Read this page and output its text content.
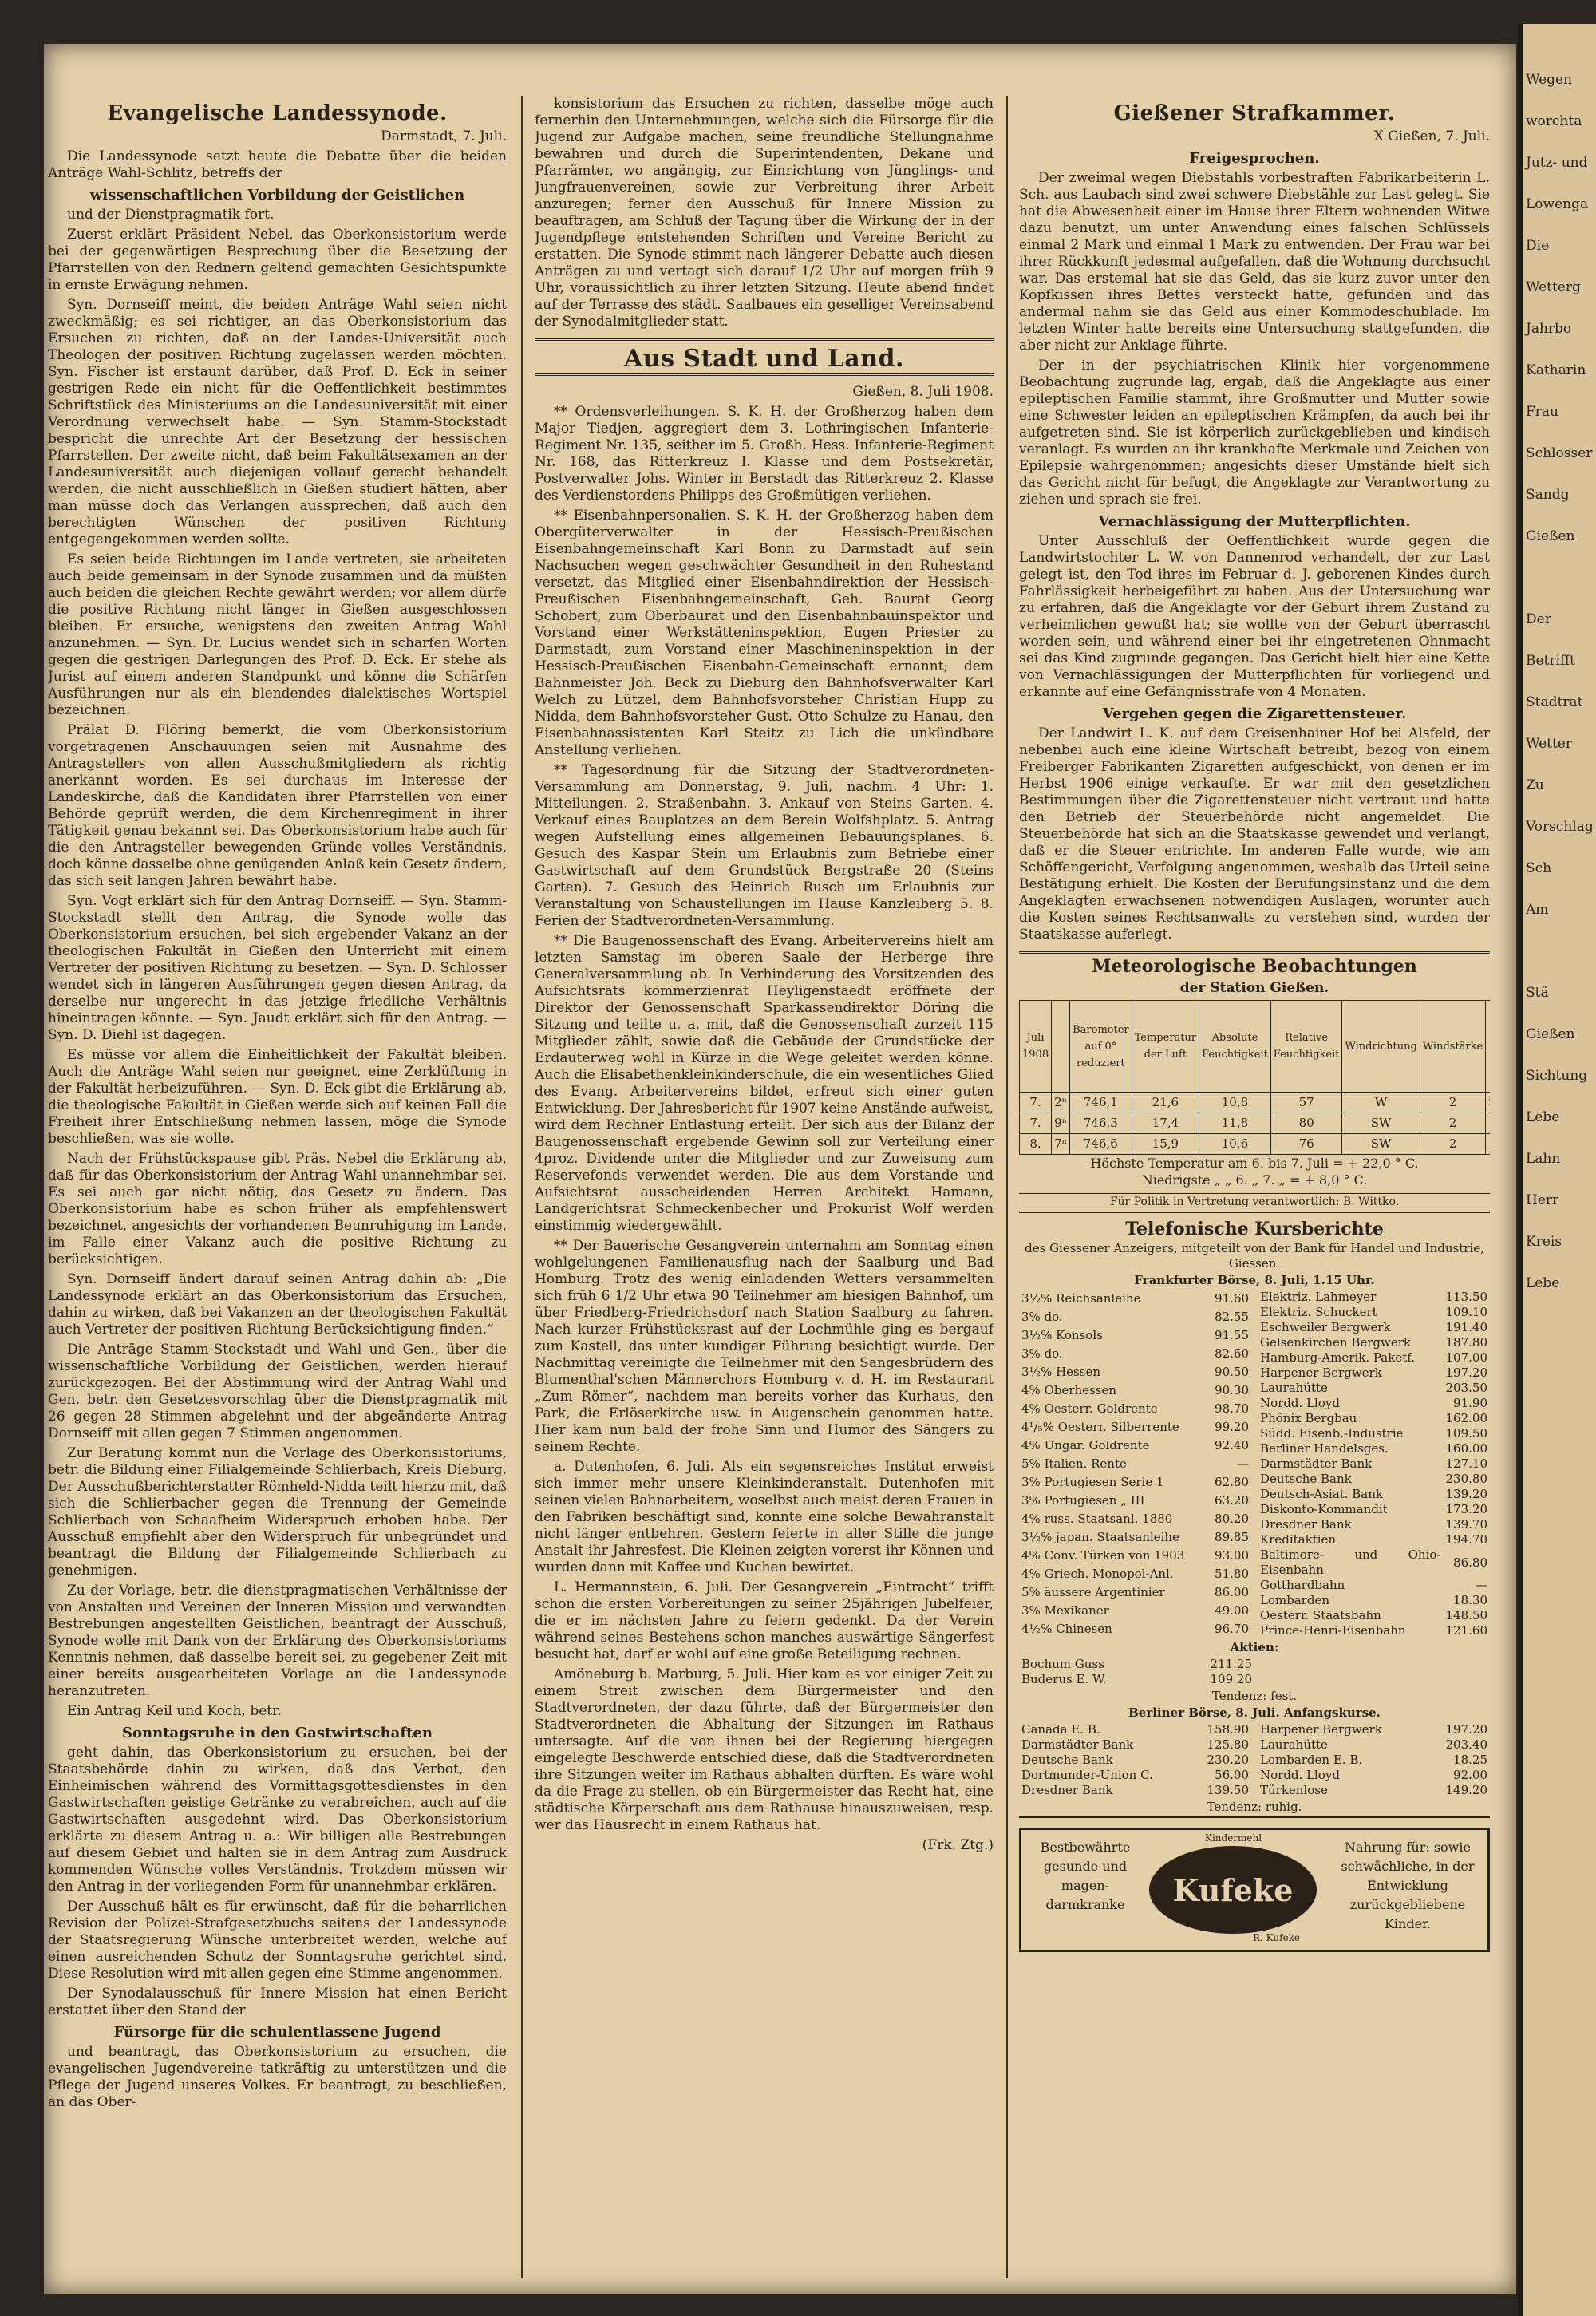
Evangelische Landessynode.
Darmstadt, 7. Juli.

Die Landessynode setzt heute die Debatte über die beiden Anträge Wahl-Schlitz, betreffs der

wissenschaftlichen Vorbildung der Geistlichen

und der Dienstpragmatik fort.

Zuerst erklärt Präsident Nebel, das Oberkonsistorium werde bei der gegenwärtigen Besprechung über die Besetzung der Pfarrstellen von den Rednern geltend gemachten Gesichtspunkte in ernste Erwägung nehmen.

Syn. Dornseiff meint, die beiden Anträge Wahl seien nicht zweckmäßig; es sei richtiger, an das Oberkonsistorium das Ersuchen zu richten, daß an der Landes-Universität auch Theologen der positiven Richtung zugelassen werden möchten. Syn. Fischer ist erstaunt darüber, daß Prof. D. Eck in seiner gestrigen Rede ein nicht für die Oeffentlichkeit bestimmtes Schriftstück des Ministeriums an die Landesuniversität mit einer Verordnung verwechselt habe. — Syn. Stamm-Stockstadt bespricht die unrechte Art der Besetzung der hessischen Pfarrstellen. Der zweite nicht, daß beim Fakultätsexamen an der Landesuniversität auch diejenigen vollauf gerecht behandelt werden, die nicht ausschließlich in Gießen studiert hätten, aber man müsse doch das Verlangen aussprechen, daß auch den berechtigten Wünschen der positiven Richtung entgegengekommen werden sollte.

Es seien beide Richtungen im Lande vertreten, sie arbeiteten auch beide gemeinsam in der Synode zusammen und da müßten auch beiden die gleichen Rechte gewährt werden; vor allem dürfe die positive Richtung nicht länger in Gießen ausgeschlossen bleiben. Er ersuche, wenigstens den zweiten Antrag Wahl anzunehmen. — Syn. Dr. Lucius wendet sich in scharfen Worten gegen die gestrigen Darlegungen des Prof. D. Eck. Er stehe als Jurist auf einem anderen Standpunkt und könne die Schärfen Ausführungen nur als ein blendendes dialektisches Wortspiel bezeichnen.

Prälat D. Flöring bemerkt, die vom Oberkonsistorium vorgetragenen Anschauungen seien mit Ausnahme des Antragstellers von allen Ausschußmitgliedern als richtig anerkannt worden. Es sei durchaus im Interesse der Landeskirche, daß die Kandidaten ihrer Pfarrstellen von einer Behörde geprüft werden, die dem Kirchenregiment in ihrer Tätigkeit genau bekannt sei. Das Oberkonsistorium habe auch für die den Antragsteller bewegenden Gründe volles Verständnis, doch könne dasselbe ohne genügenden Anlaß kein Gesetz ändern, das sich seit langen Jahren bewährt habe.

Syn. Vogt erklärt sich für den Antrag Dornseiff. — Syn. Stamm-Stockstadt stellt den Antrag, die Synode wolle das Oberkonsistorium ersuchen, bei sich ergebender Vakanz an der theologischen Fakultät in Gießen den Unterricht mit einem Vertreter der positiven Richtung zu besetzen. — Syn. D. Schlosser wendet sich in längeren Ausführungen gegen diesen Antrag, da derselbe nur ungerecht in das jetzige friedliche Verhältnis hineintragen könnte. — Syn. Jaudt erklärt sich für den Antrag. — Syn. D. Diehl ist dagegen.

Es müsse vor allem die Einheitlichkeit der Fakultät bleiben. Auch die Anträge Wahl seien nur geeignet, eine Zerklüftung in der Fakultät herbeizuführen. — Syn. D. Eck gibt die Erklärung ab, die theologische Fakultät in Gießen werde sich auf keinen Fall die Freiheit ihrer Entschließung nehmen lassen, möge die Synode beschließen, was sie wolle.

Nach der Frühstückspause gibt Präs. Nebel die Erklärung ab, daß für das Oberkonsistorium der Antrag Wahl unannehmbar sei. Es sei auch gar nicht nötig, das Gesetz zu ändern. Das Oberkonsistorium habe es schon früher als empfehlenswert bezeichnet, angesichts der vorhandenen Beunruhigung im Lande, im Falle einer Vakanz auch die positive Richtung zu berücksichtigen.

Syn. Dornseiff ändert darauf seinen Antrag dahin ab: „Die Landessynode erklärt an das Oberkonsistorium das Ersuchen, dahin zu wirken, daß bei Vakanzen an der theologischen Fakultät auch Vertreter der positiven Richtung Berücksichtigung finden.“

Die Anträge Stamm-Stockstadt und Wahl und Gen., über die wissenschaftliche Vorbildung der Geistlichen, werden hierauf zurückgezogen. Bei der Abstimmung wird der Antrag Wahl und Gen. betr. den Gesetzesvorschlag über die Dienstpragmatik mit 26 gegen 28 Stimmen abgelehnt und der abgeänderte Antrag Dornseiff mit allen gegen 7 Stimmen angenommen.

Zur Beratung kommt nun die Vorlage des Oberkonsistoriums, betr. die Bildung einer Filialgemeinde Schlierbach, Kreis Dieburg. Der Ausschußberichterstatter Römheld-Nidda teilt hierzu mit, daß sich die Schlierbacher gegen die Trennung der Gemeinde Schlierbach von Schaafheim Widerspruch erhoben habe. Der Ausschuß empfiehlt aber den Widerspruch für unbegründet und beantragt die Bildung der Filialgemeinde Schlierbach zu genehmigen.

Zu der Vorlage, betr. die dienstpragmatischen Verhältnisse der von Anstalten und Vereinen der Inneren Mission und verwandten Bestrebungen angestellten Geistlichen, beantragt der Ausschuß, Synode wolle mit Dank von der Erklärung des Oberkonsistoriums Kenntnis nehmen, daß dasselbe bereit sei, zu gegebener Zeit mit einer bereits ausgearbeiteten Vorlage an die Landessynode heranzutreten.

Ein Antrag Keil und Koch, betr.

Sonntagsruhe in den Gastwirtschaften

geht dahin, das Oberkonsistorium zu ersuchen, bei der Staatsbehörde dahin zu wirken, daß das Verbot, den Einheimischen während des Vormittagsgottesdienstes in den Gastwirtschaften geistige Getränke zu verabreichen, auch auf die Gastwirtschaften ausgedehnt wird. Das Oberkonsistorium erklärte zu diesem Antrag u. a.: Wir billigen alle Bestrebungen auf diesem Gebiet und halten sie in dem Antrag zum Ausdruck kommenden Wünsche volles Verständnis. Trotzdem müssen wir den Antrag in der vorliegenden Form für unannehmbar erklären.

Der Ausschuß hält es für erwünscht, daß für die beharrlichen Revision der Polizei-Strafgesetzbuchs seitens der Landessynode der Staatsregierung Wünsche unterbreitet werden, welche auf einen ausreichenden Schutz der Sonntagsruhe gerichtet sind. Diese Resolution wird mit allen gegen eine Stimme angenommen.

Der Synodalausschuß für Innere Mission hat einen Bericht erstattet über den Stand der

Fürsorge für die schulentlassene Jugend

und beantragt, das Oberkonsistorium zu ersuchen, die evangelischen Jugendvereine tatkräftig zu unterstützen und die Pflege der Jugend unseres Volkes. Er beantragt, zu beschließen, an das Ober-

konsistorium das Ersuchen zu richten, dasselbe möge auch fernerhin den Unternehmungen, welche sich die Fürsorge für die Jugend zur Aufgabe machen, seine freundliche Stellungnahme bewahren und durch die Superintendenten, Dekane und Pfarrämter, wo angängig, zur Einrichtung von Jünglings- und Jungfrauenvereinen, sowie zur Verbreitung ihrer Arbeit anzuregen; ferner den Ausschuß für Innere Mission zu beauftragen, am Schluß der Tagung über die Wirkung der in der Jugendpflege entstehenden Schriften und Vereine Bericht zu erstatten. Die Synode stimmt nach längerer Debatte auch diesen Anträgen zu und vertagt sich darauf 1/2 Uhr auf morgen früh 9 Uhr, voraussichtlich zu ihrer letzten Sitzung. Heute abend findet auf der Terrasse des städt. Saalbaues ein geselliger Vereinsabend der Synodalmitglieder statt.

Aus Stadt und Land.
Gießen, 8. Juli 1908.

** Ordensverleihungen. S. K. H. der Großherzog haben dem Major Tiedjen, aggregiert dem 3. Lothringischen Infanterie-Regiment Nr. 135, seither im 5. Großh. Hess. Infanterie-Regiment Nr. 168, das Ritterkreuz I. Klasse und dem Postsekretär, Postverwalter Johs. Winter in Berstadt das Ritterkreuz 2. Klasse des Verdienstordens Philipps des Großmütigen verliehen.

** Eisenbahnpersonalien. S. K. H. der Großherzog haben dem Obergüterverwalter in der Hessisch-Preußischen Eisenbahngemeinschaft Karl Bonn zu Darmstadt auf sein Nachsuchen wegen geschwächter Gesundheit in den Ruhestand versetzt, das Mitglied einer Eisenbahndirektion der Hessisch-Preußischen Eisenbahngemeinschaft, Geh. Baurat Georg Schobert, zum Oberbaurat und den Eisenbahnbauinspektor und Vorstand einer Werkstätteninspektion, Eugen Priester zu Darmstadt, zum Vorstand einer Maschineninspektion in der Hessisch-Preußischen Eisenbahn-Gemeinschaft ernannt; dem Bahnmeister Joh. Beck zu Dieburg den Bahnhofsverwalter Karl Welch zu Lützel, dem Bahnhofsvorsteher Christian Hupp zu Nidda, dem Bahnhofsvorsteher Gust. Otto Schulze zu Hanau, den Eisenbahnassistenten Karl Steitz zu Lich die unkündbare Anstellung verliehen.

** Tagesordnung für die Sitzung der Stadtverordneten-Versammlung am Donnerstag, 9. Juli, nachm. 4 Uhr: 1. Mitteilungen. 2. Straßenbahn. 3. Ankauf von Steins Garten. 4. Verkauf eines Bauplatzes an dem Berein Wolfshplatz. 5. Antrag wegen Aufstellung eines allgemeinen Bebauungsplanes. 6. Gesuch des Kaspar Stein um Erlaubnis zum Betriebe einer Gastwirtschaft auf dem Grundstück Bergstraße 20 (Steins Garten). 7. Gesuch des Heinrich Rusch um Erlaubnis zur Veranstaltung von Schaustellungen im Hause Kanzleiberg 5. 8. Ferien der Stadtverordneten-Versammlung.

** Die Baugenossenschaft des Evang. Arbeitervereins hielt am letzten Samstag im oberen Saale der Herberge ihre Generalversammlung ab. In Verhinderung des Vorsitzenden des Aufsichtsrats kommerzienrat Heyligenstaedt eröffnete der Direktor der Genossenschaft Sparkassendirektor Döring die Sitzung und teilte u. a. mit, daß die Genossenschaft zurzeit 115 Mitglieder zählt, sowie daß die Gebäude der Grundstücke der Erdauterweg wohl in Kürze in die Wege geleitet werden könne. Auch die Elisabethenkleinkinderschule, die ein wesentliches Glied des Evang. Arbeitervereins bildet, erfreut sich einer guten Entwicklung. Der Jahresbericht für 1907 keine Anstände aufweist, wird dem Rechner Entlastung erteilt. Der sich aus der Bilanz der Baugenossenschaft ergebende Gewinn soll zur Verteilung einer 4proz. Dividende unter die Mitglieder und zur Zuweisung zum Reservefonds verwendet werden. Die aus dem Vorstande und Aufsichtsrat ausscheidenden Herren Architekt Hamann, Landgerichtsrat Schmeckenbecher und Prokurist Wolf werden einstimmig wiedergewählt.

** Der Bauerische Gesangverein unternahm am Sonntag einen wohlgelungenen Familienausflug nach der Saalburg und Bad Homburg. Trotz des wenig einladenden Wetters versammelten sich früh 6 1/2 Uhr etwa 90 Teilnehmer am hiesigen Bahnhof, um über Friedberg-Friedrichsdorf nach Station Saalburg zu fahren. Nach kurzer Frühstücksrast auf der Lochmühle ging es bergauf zum Kastell, das unter kundiger Führung besichtigt wurde. Der Nachmittag vereinigte die Teilnehmer mit den Sangesbrüdern des Blumenthal'schen Männerchors Homburg v. d. H. im Restaurant „Zum Römer“, nachdem man bereits vorher das Kurhaus, den Park, die Erlöserkirche usw. in Augenschein genommen hatte. Hier kam nun bald der frohe Sinn und Humor des Sängers zu seinem Rechte.

a. Dutenhofen, 6. Juli. Als ein segensreiches Institut erweist sich immer mehr unsere Kleinkinderanstalt. Dutenhofen mit seinen vielen Bahnarbeitern, woselbst auch meist deren Frauen in den Fabriken beschäftigt sind, konnte eine solche Bewahranstalt nicht länger entbehren. Gestern feierte in aller Stille die junge Anstalt ihr Jahresfest. Die Kleinen zeigten vorerst ihr Können und wurden dann mit Kaffee und Kuchen bewirtet.

L. Hermannstein, 6. Juli. Der Gesangverein „Eintracht“ trifft schon die ersten Vorbereitungen zu seiner 25jährigen Jubelfeier, die er im nächsten Jahre zu feiern gedenkt. Da der Verein während seines Bestehens schon manches auswärtige Sängerfest besucht hat, darf er wohl auf eine große Beteiligung rechnen.

Amöneburg b. Marburg, 5. Juli. Hier kam es vor einiger Zeit zu einem Streit zwischen dem Bürgermeister und den Stadtverordneten, der dazu führte, daß der Bürgermeister den Stadtverordneten die Abhaltung der Sitzungen im Rathaus untersagte. Auf die von ihnen bei der Regierung hiergegen eingelegte Beschwerde entschied diese, daß die Stadtverordneten ihre Sitzungen weiter im Rathaus abhalten dürften. Es wäre wohl da die Frage zu stellen, ob ein Bürgermeister das Recht hat, eine städtische Körperschaft aus dem Rathause hinauszuweisen, resp. wer das Hausrecht in einem Rathaus hat.

(Frk. Ztg.)
Gießener Strafkammer.
X Gießen, 7. Juli.
Freigesprochen.

Der zweimal wegen Diebstahls vorbestraften Fabrikarbeiterin L. Sch. aus Laubach sind zwei schwere Diebstähle zur Last gelegt. Sie hat die Abwesenheit einer im Hause ihrer Eltern wohnenden Witwe dazu benutzt, um unter Anwendung eines falschen Schlüssels einmal 2 Mark und einmal 1 Mark zu entwenden. Der Frau war bei ihrer Rückkunft jedesmal aufgefallen, daß die Wohnung durchsucht war. Das erstemal hat sie das Geld, das sie kurz zuvor unter den Kopfkissen ihres Bettes versteckt hatte, gefunden und das andermal nahm sie das Geld aus einer Kommodeschublade. Im letzten Winter hatte bereits eine Untersuchung stattgefunden, die aber nicht zur Anklage führte.

Der in der psychiatrischen Klinik hier vorgenommene Beobachtung zugrunde lag, ergab, daß die Angeklagte aus einer epileptischen Familie stammt, ihre Großmutter und Mutter sowie eine Schwester leiden an epileptischen Krämpfen, da auch bei ihr aufgetreten sind. Sie ist körperlich zurückgeblieben und kindisch veranlagt. Es wurden an ihr krankhafte Merkmale und Zeichen von Epilepsie wahrgenommen; angesichts dieser Umstände hielt sich das Gericht nicht für befugt, die Angeklagte zur Verantwortung zu ziehen und sprach sie frei.

Vernachlässigung der Mutterpflichten.

Unter Ausschluß der Oeffentlichkeit wurde gegen die Landwirtstochter L. W. von Dannenrod verhandelt, der zur Last gelegt ist, den Tod ihres im Februar d. J. geborenen Kindes durch Fahrlässigkeit herbeigeführt zu haben. Aus der Untersuchung war zu erfahren, daß die Angeklagte vor der Geburt ihrem Zustand zu verheimlichen gewußt hat; sie wollte von der Geburt überrascht worden sein, und während einer bei ihr eingetretenen Ohnmacht sei das Kind zugrunde gegangen. Das Gericht hielt hier eine Kette von Vernachlässigungen der Mutterpflichten für vorliegend und erkannte auf eine Gefängnisstrafe von 4 Monaten.

Vergehen gegen die Zigarettensteuer.

Der Landwirt L. K. auf dem Greisenhainer Hof bei Alsfeld, der nebenbei auch eine kleine Wirtschaft betreibt, bezog von einem Freiberger Fabrikanten Zigaretten aufgeschickt, von denen er im Herbst 1906 einige verkaufte. Er war mit den gesetzlichen Bestimmungen über die Zigarettensteuer nicht vertraut und hatte den Betrieb der Steuerbehörde nicht angemeldet. Die Steuerbehörde hat sich an die Staatskasse gewendet und verlangt, daß er die Steuer entrichte. Im anderen Falle wurde, wie am Schöffengericht, Verfolgung angenommen, weshalb das Urteil seine Bestätigung erhielt. Die Kosten der Berufungsinstanz und die dem Angeklagten erwachsenen notwendigen Auslagen, worunter auch die Kosten seines Rechtsanwalts zu verstehen sind, wurden der Staatskasse auferlegt.

Meteorologische Beobachtungen
der Station Gießen.
Juli 1908		Barometer auf 0° reduziert	Temperatur der Luft	Absolute Feuchtigkeit	Relative Feuchtigkeit	Windrichtung	Windstärke	
7.	2ⁿ	746,1	21,6	10,8	57	W	2	
7.	9ⁿ	746,3	17,4	11,8	80	SW	2	
8.	7ⁿ	746,6	15,9	10,6	76	SW	2	
Höchste Temperatur am 6. bis 7. Juli = + 22,0 ° C.
Niedrigste „ „ 6. „ 7. „ = + 8,0 ° C.
Für Politik in Vertretung verantwortlich: B. Wittko.
Telefonische Kursberichte
des Giessener Anzeigers, mitgeteilt von der Bank für Handel und Industrie, Giessen.
Frankfurter Börse, 8. Juli, 1.15 Uhr.
3½% Reichsanleihe	91.60
3% do.	82.55
3½% Konsols	91.55
3% do.	82.60
3½% Hessen	90.50
4% Oberhessen	90.30
4% Oesterr. Goldrente	98.70
4¹/₅% Oesterr. Silberrente	99.20
4% Ungar. Goldrente	92.40
5% Italien. Rente	—
3% Portugiesen Serie 1	62.80
3% Portugiesen „ III	63.20
4% russ. Staatsanl. 1880	80.20
3½% japan. Staatsanleihe	89.85
4% Conv. Türken von 1903	93.00
4% Griech. Monopol-Anl.	51.80
5% äussere Argentinier	86.00
3% Mexikaner	49.00
4½% Chinesen	96.70
Elektriz. Lahmeyer	113.50
Elektriz. Schuckert	109.10
Eschweiler Bergwerk	191.40
Gelsenkirchen Bergwerk	187.80
Hamburg-Amerik. Paketf.	107.00
Harpener Bergwerk	197.20
Laurahütte	203.50
Nordd. Lloyd	91.90
Phönix Bergbau	162.00
Südd. Eisenb.-Industrie	109.50
Berliner Handelsges.	160.00
Darmstädter Bank	127.10
Deutsche Bank	230.80
Deutsch-Asiat. Bank	139.20
Diskonto-Kommandit	173.20
Dresdner Bank	139.70
Kreditaktien	194.70
Baltimore- und Ohio-Eisenbahn	86.80
Gotthardbahn	—
Lombarden	18.30
Oesterr. Staatsbahn	148.50
Prince-Henri-Eisenbahn	121.60
Aktien:
Bochum Guss	211.25
Buderus E. W.	109.20
Tendenz: fest.
Berliner Börse, 8. Juli. Anfangskurse.
Canada E. B.	158.90
Darmstädter Bank	125.80
Deutsche Bank	230.20
Dortmunder-Union C.	56.00
Dresdner Bank	139.50
Harpener Bergwerk	197.20
Laurahütte	203.40
Lombarden E. B.	18.25
Nordd. Lloyd	92.00
Türkenlose	149.20
Tendenz: ruhig.
Bestbewährte gesunde und magen-darmkranke
Kindermehl
Kufeke
R. Kufeke
Nahrung für: sowie schwächliche, in der Entwicklung zurückgebliebene Kinder.
Wegen
worchta
Jutz- und
Lowenga
Die
Wetterg
Jahrbo
Katharin
Frau
Schlosser
Sandg
Gießen
Der
Betrifft
Stadtrat
Wetter
Zu
Vorschlag
Sch
Am
Stä
Gießen
Sichtung
Lebe
Lahn
Herr
Kreis
Lebe
